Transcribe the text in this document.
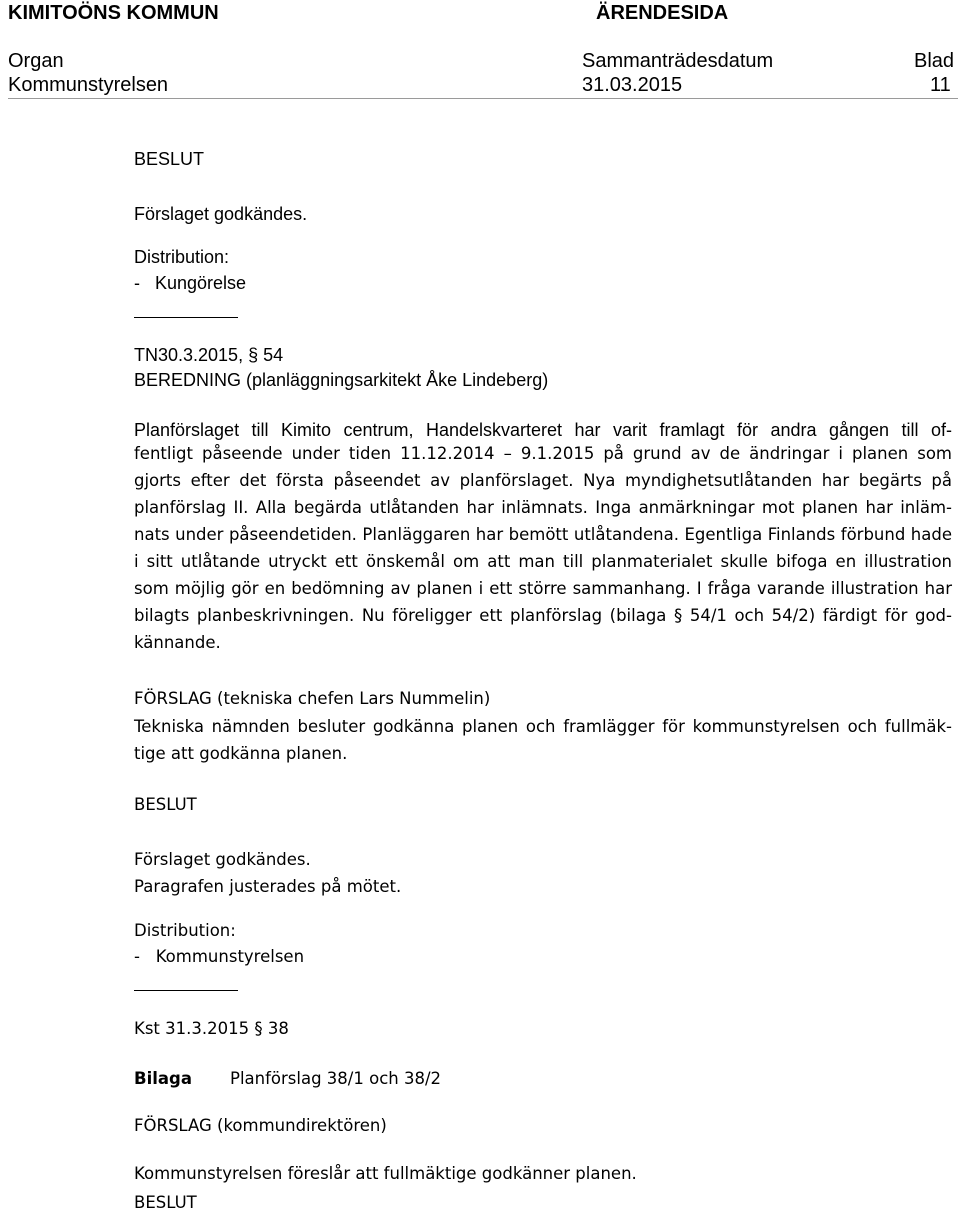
KIMITOÖNS KOMMUN	ÄRENDESIDA
Organ	Sammanträdesdatum	Blad
Kommunstyrelsen	31.03.2015	11
BESLUT
Förslaget godkändes.
Distribution:
-   Kungörelse
TN30.3.2015, § 54
BEREDNING (planläggningsarkitekt Åke Lindeberg)
Planförslaget till Kimito centrum, Handelskvarteret har varit framlagt för andra gången till of-
fentligt påseende under tiden 11.12.2014 – 9.1.2015 på grund av de ändringar i planen som
gjorts efter det första påseendet av planförslaget. Nya myndighetsutlåtanden har begärts på
planförslag II. Alla begärda utlåtanden har inlämnats. Inga anmärkningar mot planen har inläm-
nats under påseendetiden. Planläggaren har bemött utlåtandena. Egentliga Finlands förbund hade
i sitt utlåtande utryckt ett önskemål om att man till planmaterialet skulle bifoga en illustration
som möjlig gör en bedömning av planen i ett större sammanhang. I fråga varande illustration har
bilagts planbeskrivningen. Nu föreligger ett planförslag (bilaga § 54/1 och 54/2) färdigt för god-
kännande.
FÖRSLAG (tekniska chefen Lars Nummelin)
Tekniska nämnden besluter godkänna planen och framlägger för kommunstyrelsen och fullmäk-
tige att godkänna planen.
BESLUT
Förslaget godkändes.
Paragrafen justerades på mötet.
Distribution:
-   Kommunstyrelsen
Kst 31.3.2015 § 38
Bilaga Planförslag 38/1 och 38/2
FÖRSLAG (kommundirektören)
Kommunstyrelsen föreslår att fullmäktige godkänner planen.
BESLUT
